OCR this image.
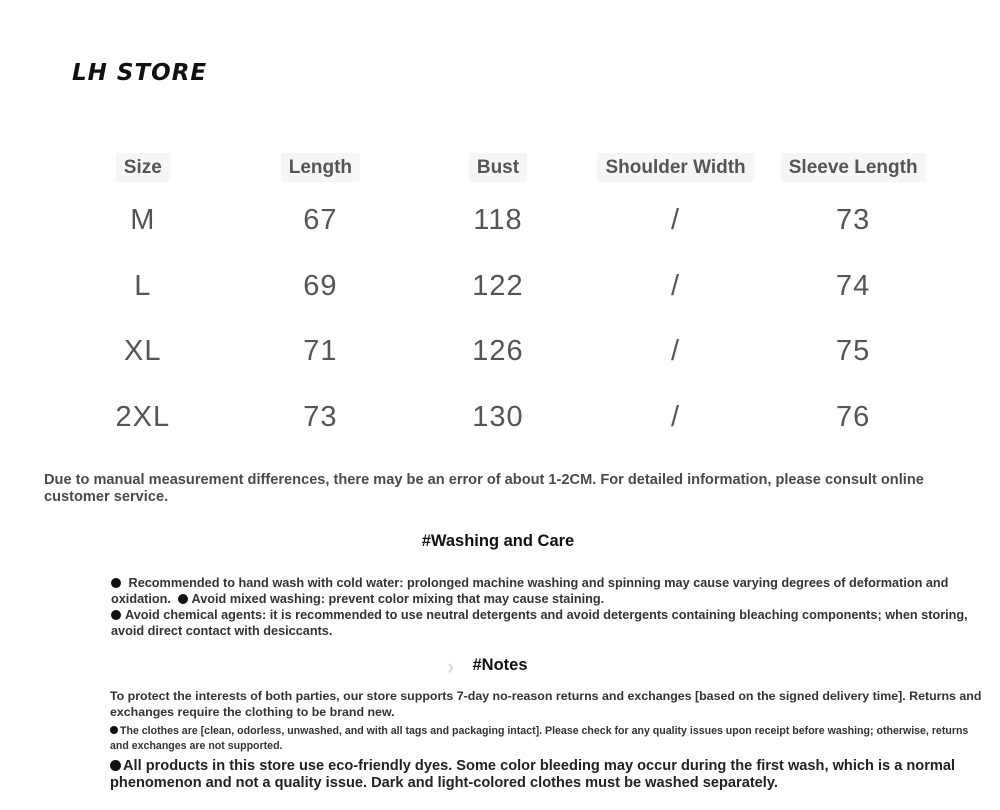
LH STORE
Size	Length	Bust	Shoulder Width	Sleeve Length
M	67	118	/	73
L	69	122	/	74
XL	71	126	/	75
2XL	73	130	/	76
Due to manual measurement differences, there may be an error of about 1-2CM. For detailed information, please consult online customer service.
#Washing and Care
Recommended to hand wash with cold water: prolonged machine washing and spinning may cause varying degrees of deformation and oxidation. Avoid mixed washing: prevent color mixing that may cause staining.
Avoid chemical agents: it is recommended to use neutral detergents and avoid detergents containing bleaching components; when storing, avoid direct contact with desiccants.
›	#Notes
To protect the interests of both parties, our store supports 7-day no-reason returns and exchanges [based on the signed delivery time]. Returns and exchanges require the clothing to be brand new.
The clothes are [clean, odorless, unwashed, and with all tags and packaging intact]. Please check for any quality issues upon receipt before washing; otherwise, returns and exchanges are not supported.
All products in this store use eco-friendly dyes. Some color bleeding may occur during the first wash, which is a normal phenomenon and not a quality issue. Dark and light-colored clothes must be washed separately.
